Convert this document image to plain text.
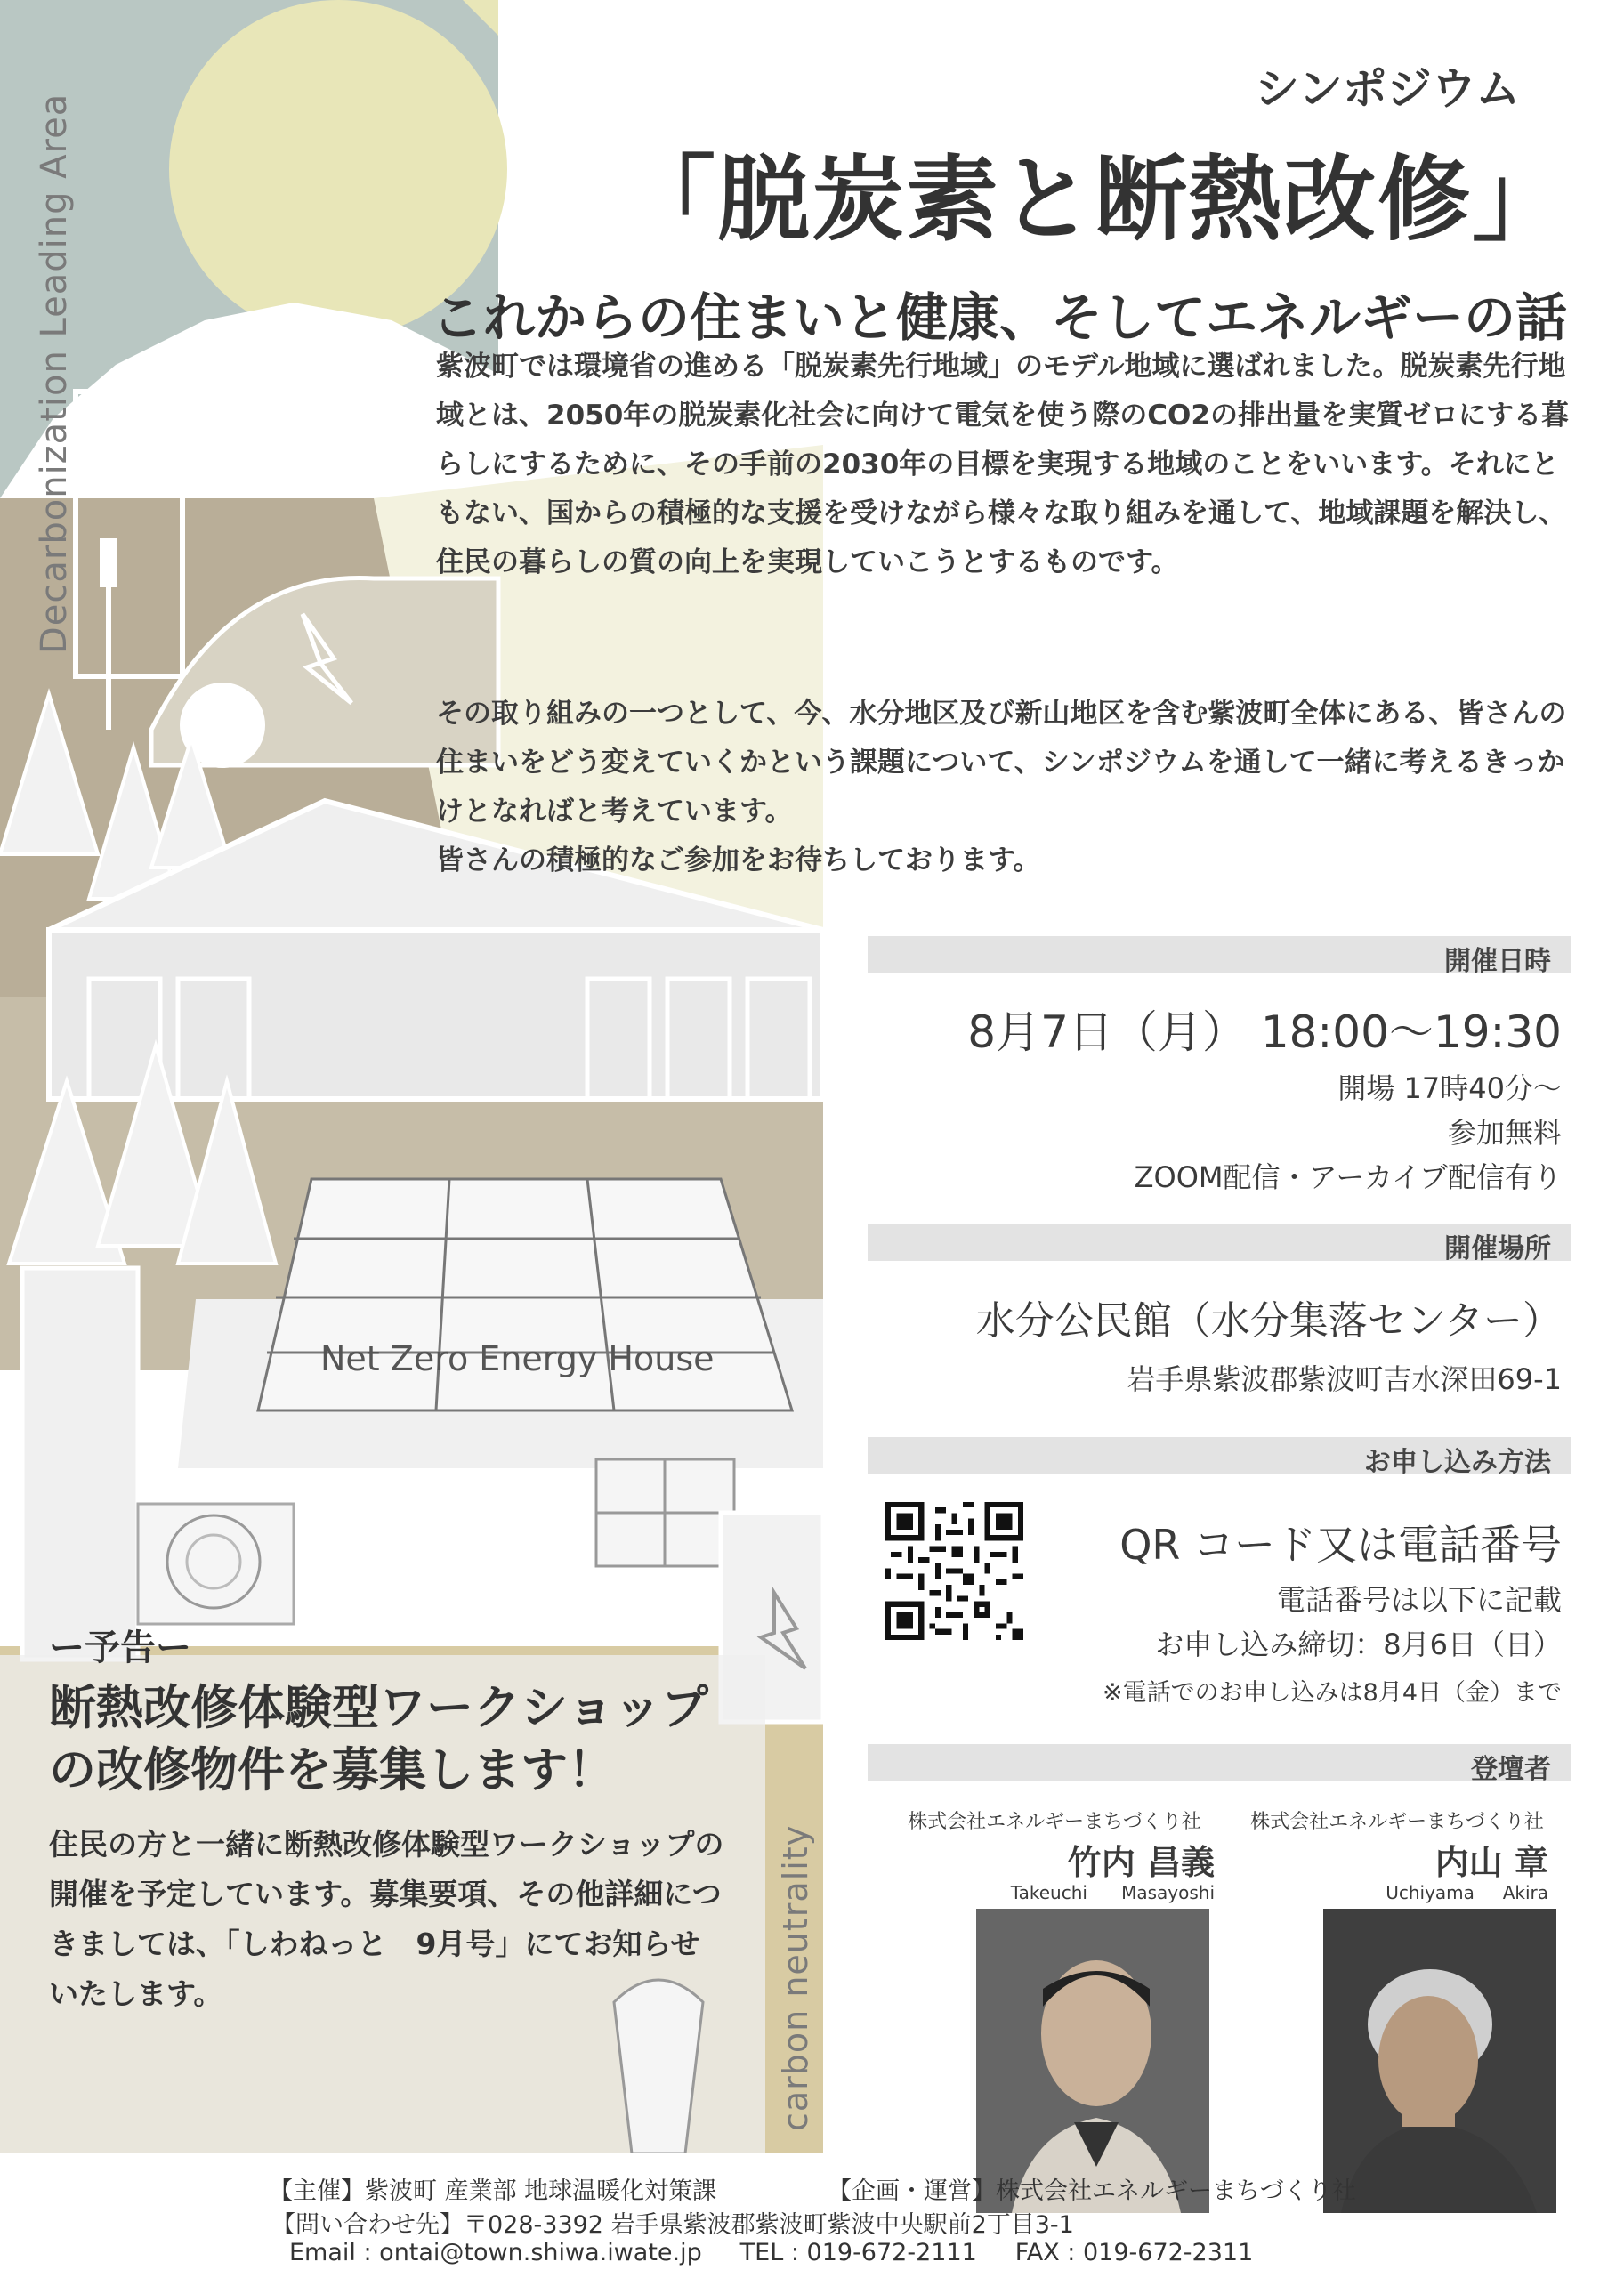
Decarbonization Leading Area
carbon neutrality
Net Zero Energy House
シンポジウム
「脱炭素と断熱改修」
これからの住まいと健康、そしてエネルギーの話

紫波町では環境省の進める「脱炭素先行地域」のモデル地域に選ばれました。脱炭素先行地域とは、2050年の脱炭素化社会に向けて電気を使う際のCO2の排出量を実質ゼロにする暮らしにするために、その手前の2030年の目標を実現する地域のことをいいます。それにともない、国からの積極的な支援を受けながら様々な取り組みを通して、地域課題を解決し、住民の暮らしの質の向上を実現していこうとするものです。

その取り組みの一つとして、今、水分地区及び新山地区を含む紫波町全体にある、皆さんの住まいをどう変えていくかという課題について、シンポジウムを通して一緒に考えるきっかけとなればと考えています。
皆さんの積極的なご参加をお待ちしております。

開催日時
8月7日（月） 18:00～19:30
開場 17時40分～
参加無料
ZOOM配信・アーカイブ配信有り
開催場所
水分公民館（水分集落センター）
岩手県紫波郡紫波町吉水深田69-1
お申し込み方法
QR コード又は電話番号
電話番号は以下に記載
お申し込み締切：8月6日（日）
※電話でのお申し込みは8月4日（金）まで
登壇者
株式会社エネルギーまちづくり社
竹内 昌義
Takeuchi      Masayoshi
株式会社エネルギーまちづくり社
内山 章
Uchiyama     Akira
ー予告ー

断熱改修体験型ワークショップの改修物件を募集します！

住民の方と一緒に断熱改修体験型ワークショップの開催を予定しています。募集要項、その他詳細につきましては、「しわねっと　9月号」にてお知らせいたします。

【主催】紫波町 産業部 地球温暖化対策課	【企画・運営】株式会社エネルギーまちづくり社
【問い合わせ先】〒028-3392 岩手県紫波郡紫波町紫波中央駅前2丁目3-1
Email : ontai@town.shiwa.iwate.jp     TEL : 019-672-2111     FAX : 019-672-2311
